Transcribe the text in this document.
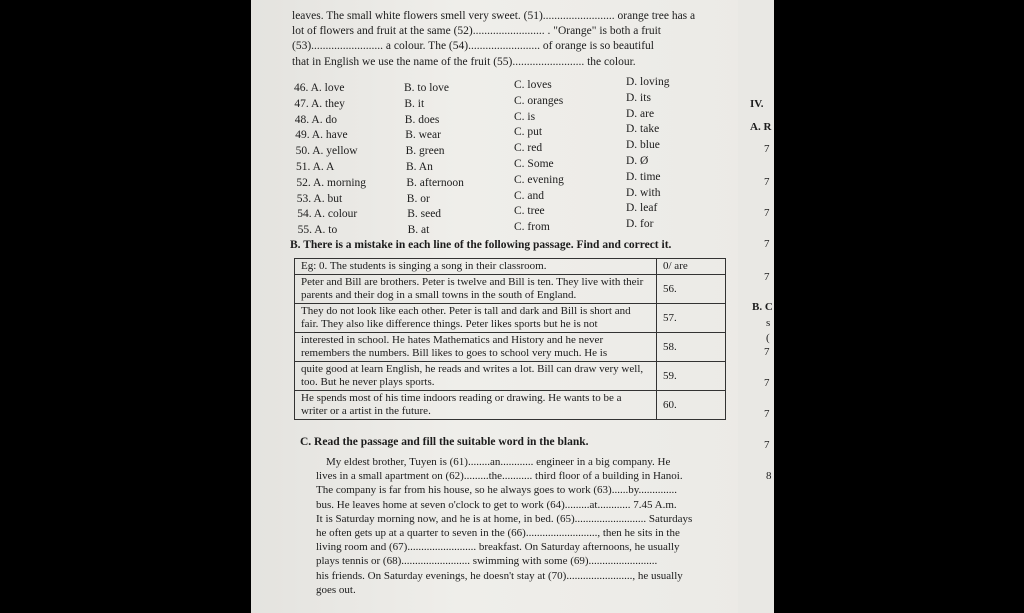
IV.
A. R
7
7
7
7
7
B. C
s
(
7
7
7
7
8
leaves. The small white flowers smell very sweet. (51)......................... orange tree has a
lot of flowers and fruit at the same (52)......................... . "Orange" is both a fruit
(53)......................... a colour. The (54)......................... of orange is so beautiful
that in English we use the name of the fruit (55)......................... the colour.
46. A. love	B. to love	C. loves	D. loving
47. A. they	B. it	C. oranges	D. its
48. A. do	B. does	C. is	D. are
49. A. have	B. wear	C. put	D. take
50. A. yellow	B. green	C. red	D. blue
51. A. A	B. An	C. Some	D. Ø
52. A. morning	B. afternoon	C. evening	D. time
53. A. but	B. or	C. and	D. with
54. A. colour	B. seed	C. tree	D. leaf
55. A. to	B. at	C. from	D. for
B. There is a mistake in each line of the following passage. Find and correct it.
Eg: 0. The students is singing a song in their classroom.	0/ are
Peter and Bill are brothers. Peter is twelve and Bill is ten. They live with their parents and their dog in a small towns in the south of England.	56.
They do not look like each other. Peter is tall and dark and Bill is short and fair. They also like difference things. Peter likes sports but he is not	57.
interested in school. He hates Mathematics and History and he never remembers the numbers. Bill likes to goes to school very much. He is	58.
quite good at learn English, he reads and writes a lot. Bill can draw very well, too. But he never plays sports.	59.
He spends most of his time indoors reading or drawing. He wants to be a writer or a artist in the future.	60.
C. Read the passage and fill the suitable word in the blank.
My eldest brother, Tuyen is (61)........an............ engineer in a big company. He
lives in a small apartment on (62).........the........... third floor of a building in Hanoi.
The company is far from his house, so he always goes to work (63)......by..............
bus. He leaves home at seven o'clock to get to work (64).........at............ 7.45 A.m.
It is Saturday morning now, and he is at home, in bed. (65).......................... Saturdays
he often gets up at a quarter to seven in the (66).........................., then he sits in the
living room and (67)......................... breakfast. On Saturday afternoons, he usually
plays tennis or (68)......................... swimming with some (69).........................
his friends. On Saturday evenings, he doesn't stay at (70)........................, he usually
goes out.
